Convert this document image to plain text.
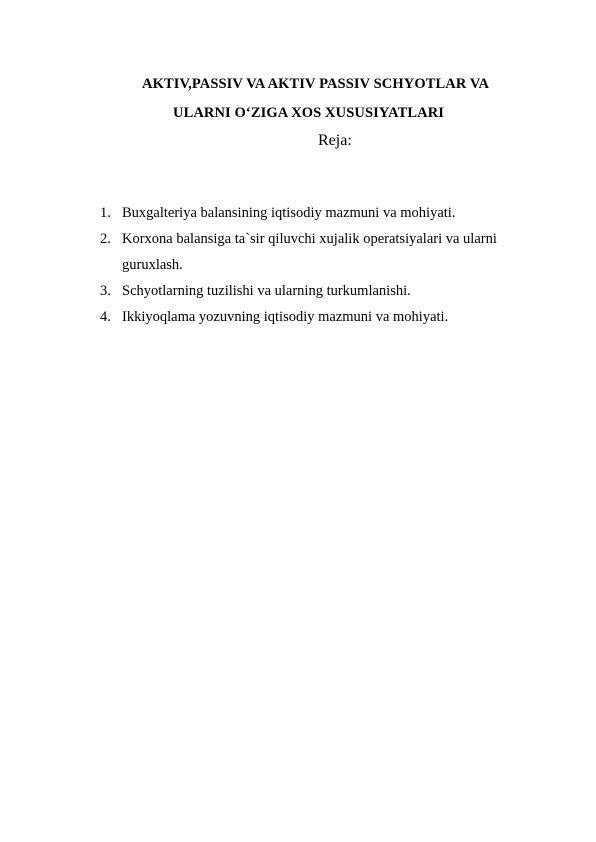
AKTIV,PASSIV VA AKTIV PASSIV SCHYOTLAR VA
ULARNI O‘ZIGA XOS XUSUSIYATLARI
Reja:
1. Buxgalteriya balansining iqtisodiy mazmuni va mohiyati.
2. Korxona balansiga ta`sir qiluvchi xujalik operatsiyalari va ularni guruxlash.
3. Schyotlarning tuzilishi va ularning turkumlanishi.
4. Ikkiyoqlama yozuvning iqtisodiy mazmuni va mohiyati.
